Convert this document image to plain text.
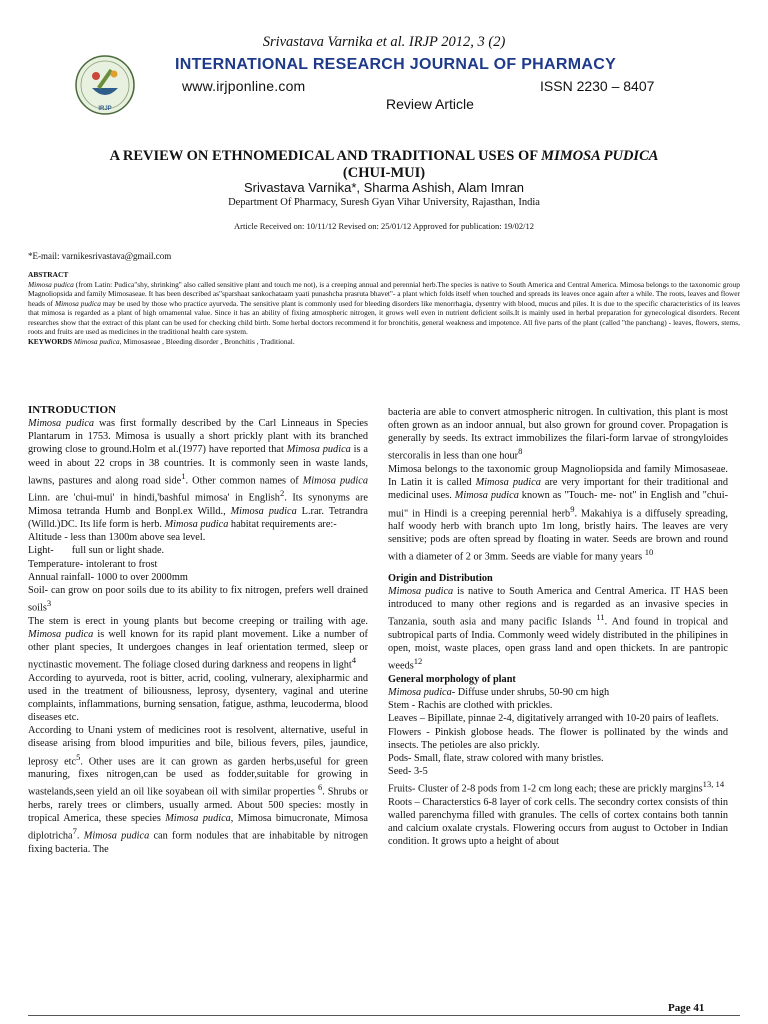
Srivastava Varnika et al. IRJP 2012, 3 (2)
IRJP
INTERNATIONAL RESEARCH JOURNAL OF PHARMACY
www.irjponline.com	ISSN 2230 – 8407
Review Article
A REVIEW ON ETHNOMEDICAL AND TRADITIONAL USES OF MIMOSA PUDICA
(CHUI-MUI)
Srivastava Varnika*, Sharma Ashish, Alam Imran
Department Of Pharmacy, Suresh Gyan Vihar University, Rajasthan, India
Article Received on: 10/11/12 Revised on: 25/01/12 Approved for publication: 19/02/12
*E-mail: varnikesrivastava@gmail.com
ABSTRACT
Mimosa pudica (from Latin: Pudica"shy, shrinking" also called sensitive plant and touch me not), is a creeping annual and perennial herb.The species is native to South America and Central America. Mimosa belongs to the taxonomic group Magnoliopsida and family Mimosaseae. It has been described as"sparshaat sankochataam yaati punashcha prasruta bhavet"- a plant which folds itself when touched and spreads its leaves once again after a while. The roots, leaves and flower heads of Mimosa pudica may be used by those who practice ayurveda. The sensitive plant is commonly used for bleeding disorders like menorrhagia, dysentry with blood, mucus and piles. It is due to the specific characteristics of its leaves that mimosa is regarded as a plant of high ornamental value. Since it has an ability of fixing atmospheric nitrogen, it grows well even in nutrient deficient soils.It is mainly used in herbal preparation for gynecological disorders. Recent researches show that the extract of this plant can be used for checking child birth. Some herbal doctors recommend it for bronchitis, general weakness and impotence. All five parts of the plant (called "the panchang) - leaves, flowers, stems, roots and fruits are used as medicines in the traditional health care system.
KEYWORDS Mimosa pudica, Mimosaseae , Bleeding disorder , Bronchitis , Traditional.

INTRODUCTION

Mimosa pudica was first formally described by the Carl Linneaus in Species Plantarum in 1753. Mimosa is usually a short prickly plant with its branched growing close to ground.Holm et al.(1977) have reported that Mimosa pudica is a weed in about 22 crops in 38 countries. It is commonly seen in waste lands, lawns, pastures and along road side$^1$. Other common names of Mimosa pudica Linn. are 'chui-mui' in hindi,'bashful mimosa' in English$^2$. Its synonyms are Mimosa tetranda Humb and Bonpl.ex Willd., Mimosa pudica L.rar. Tetrandra (Willd.)DC. Its life form is herb. Mimosa pudica habitat requirements are:-

Altitude - less than 1300m above sea level.

Light-       full sun or light shade.

Temperature- intolerant to frost

Annual rainfall- 1000 to over 2000mm

Soil- can grow on poor soils due to its ability to fix nitrogen, prefers well drained soils$^3$

The stem is erect in young plants but become creeping or trailing with age. Mimosa pudica is well known for its rapid plant movement. Like a number of other plant species, It undergoes changes in leaf orientation termed, sleep or nyctinastic movement. The foliage closed during darkness and reopens in light$^4$

According to ayurveda, root is bitter, acrid, cooling, vulnerary, alexipharmic and used in the treatment of biliousness, leprosy, dysentery, vaginal and uterine complaints, inflammations, burning sensation, fatigue, asthma, leucoderma, blood diseases etc.

According to Unani ystem of medicines root is resolvent, alternative, useful in disease arising from blood impurities and bile, bilious fevers, piles, jaundice, leprosy etc$^5$. Other uses are it can grown as garden herbs,useful for green manuring, fixes nitrogen,can be used as fodder,suitable for growing in wastelands,seen yield an oil like soyabean oil with similar properties $^6$. Shrubs or herbs, rarely trees or climbers, usually armed. About 500 species: mostly in tropical America, these species Mimosa pudica, Mimosa bimucronate, Mimosa diplotricha$^7$. Mimosa pudica can form nodules that are inhabitable by nitrogen fixing bacteria. The

bacteria are able to convert atmospheric nitrogen. In cultivation, this plant is most often grown as an indoor annual, but also grown for ground cover. Propagation is generally by seeds. Its extract immobilizes the filari-form larvae of strongyloides stercoralis in less than one hour$^8$

Mimosa belongs to the taxonomic group Magnoliopsida and family Mimosaseae. In Latin it is called Mimosa pudica are very important for their traditional and medicinal uses. Mimosa pudica known as "Touch- me- not" in English and "chui-mui" in Hindi is a creeping perennial herb$^9$. Makahiya is a diffusely spreading, half woody herb with branch upto 1m long, bristly hairs. The leaves are very sensitive; pods are often spread by floating in water. Seeds are brown and round with a diameter of 2 or 3mm. Seeds are viable for many years $^{10}$

Origin and Distribution

Mimosa pudica is native to South America and Central America. IT HAS been introduced to many other regions and is regarded as an invasive species in Tanzania, south asia and many pacific Islands $^{11}$. And found in tropical and subtropical parts of India. Commonly weed widely distributed in the philipines in open, moist, waste places, open grass land and open thickets. In are pantropic weeds$^{12}$

General morphology of plant

Mimosa pudica- Diffuse under shrubs, 50-90 cm high

Stem - Rachis are clothed with prickles.

Leaves – Bipillate, pinnae 2-4, digitatively arranged with 10-20 pairs of leaflets.

Flowers - Pinkish globose heads. The flower is pollinated by the winds and insects. The petioles are also prickly.

Pods- Small, flate, straw colored with many bristles.

Seed- 3-5

Fruits- Cluster of 2-8 pods from 1-2 cm long each; these are prickly margins$^{13, 14}$

Roots – Characterstics 6-8 layer of cork cells. The secondry cortex consists of thin walled parenchyma filled with granules. The cells of cortex contains both tannin and calcium oxalate crystals. Flowering occurs from august to October in Indian condition. It grows upto a height of about

Page 41
